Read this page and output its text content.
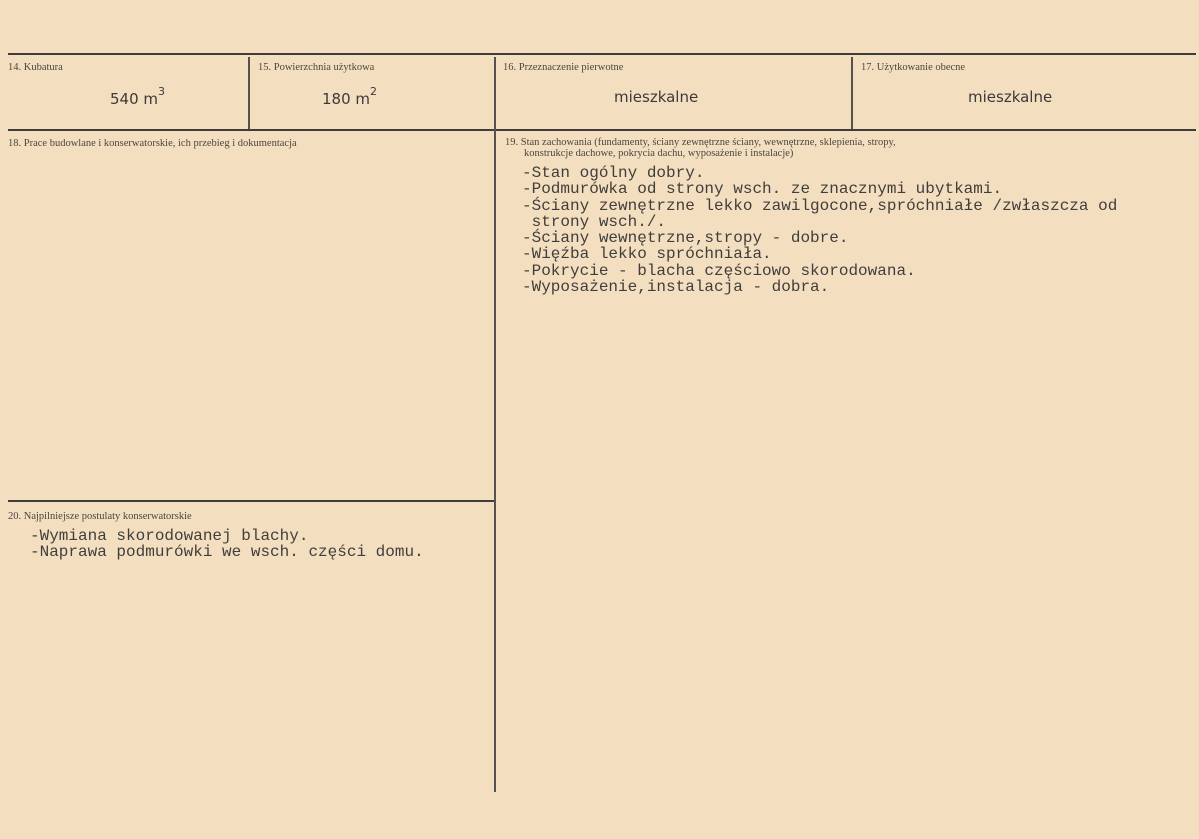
14. Kubatura
540 $m^3$
15. Powierzchnia użytkowa
180 $m^2$
16. Przeznaczenie pierwotne
mieszkalne
17. Użytkowanie obecne
mieszkalne
18. Prace budowlane i konserwatorskie, ich przebieg i dokumentacja	19. Stan zachowania (fundamenty, ściany zewnętrzne ściany, wewnętrzne, sklepienia, stropy,
konstrukcje dachowe, pokrycia dachu, wyposażenie i instalacje)
-Stan ogólny dobry.
-Podmurówka od strony wsch. ze znacznymi ubytkami.
-Ściany zewnętrzne lekko zawilgocone,spróchniałe /zwłaszcza od
strony wsch./.
-Ściany wewnętrzne,stropy - dobre.
-Więźba lekko spróchniała.
-Pokrycie - blacha częściowo skorodowana.
-Wyposażenie,instalacja - dobra.
20. Najpilniejsze postulaty konserwatorskie
-Wymiana skorodowanej blachy.
-Naprawa podmurówki we wsch. części domu.
